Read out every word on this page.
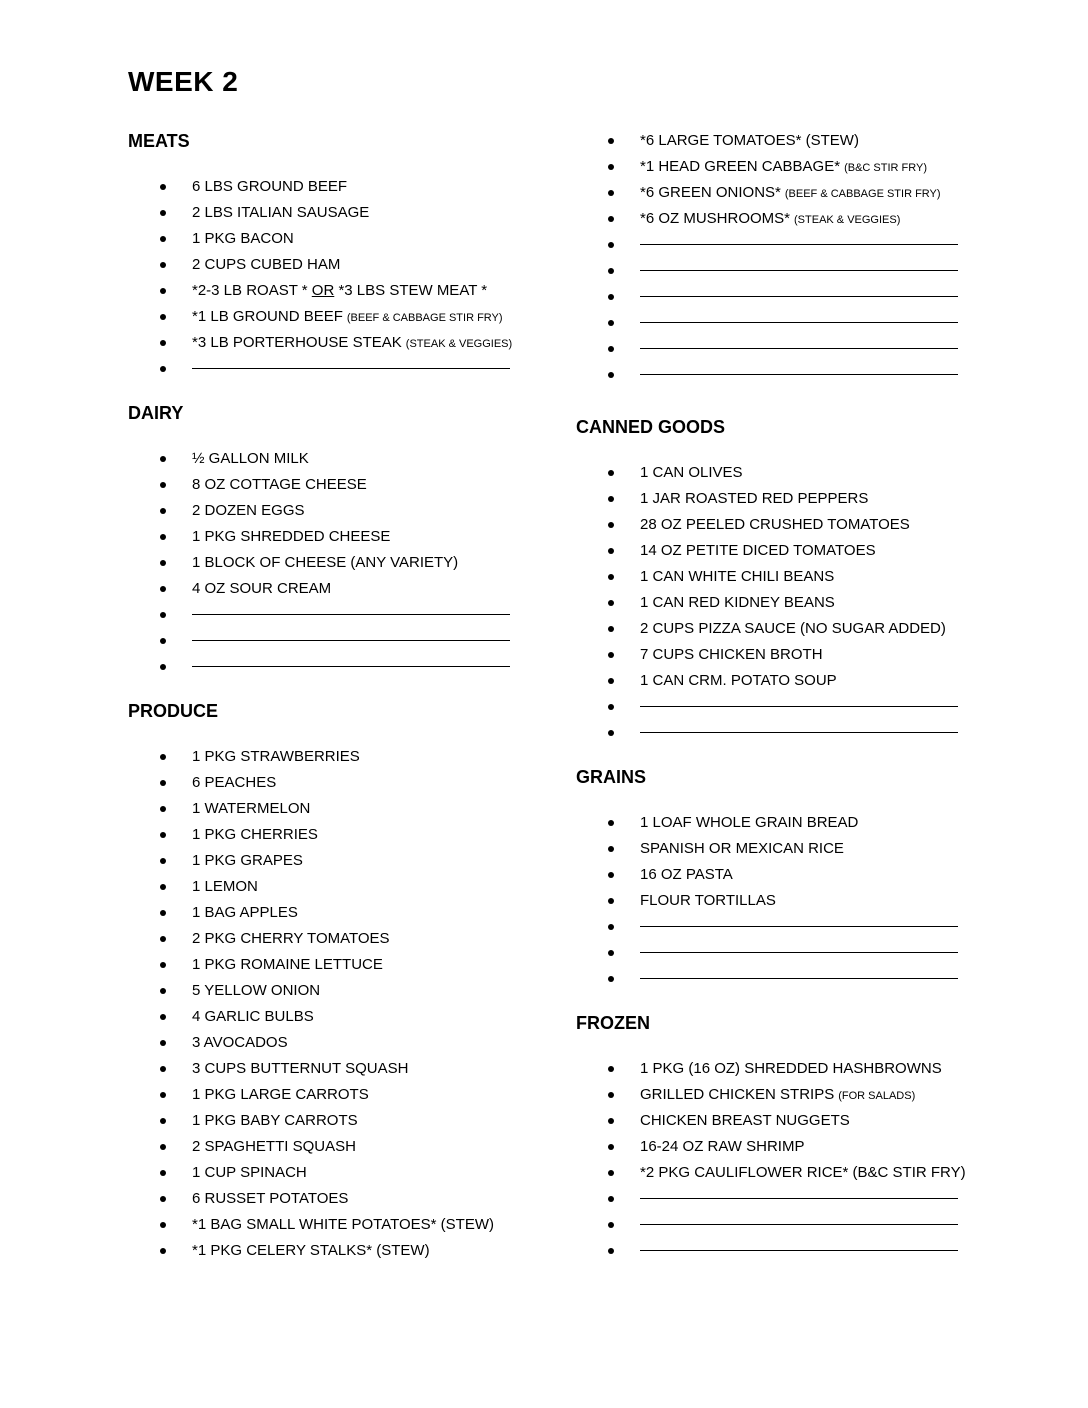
WEEK 2
MEATS
6 LBS GROUND BEEF
2 LBS ITALIAN SAUSAGE
1 PKG BACON
2 CUPS CUBED HAM
*2-3 LB ROAST * OR *3 LBS STEW MEAT *
*1 LB GROUND BEEF (BEEF & CABBAGE STIR FRY)
*3 LB PORTERHOUSE STEAK (STEAK & VEGGIES)
DAIRY
½ GALLON MILK
8 OZ COTTAGE CHEESE
2 DOZEN EGGS
1 PKG SHREDDED CHEESE
1 BLOCK OF CHEESE (ANY VARIETY)
4 OZ SOUR CREAM
PRODUCE
1 PKG STRAWBERRIES
6 PEACHES
1 WATERMELON
1 PKG CHERRIES
1 PKG GRAPES
1 LEMON
1 BAG APPLES
2 PKG CHERRY TOMATOES
1 PKG ROMAINE LETTUCE
5 YELLOW ONION
4 GARLIC BULBS
3 AVOCADOS
3 CUPS BUTTERNUT SQUASH
1 PKG LARGE CARROTS
1 PKG BABY CARROTS
2 SPAGHETTI SQUASH
1 CUP SPINACH
6 RUSSET POTATOES
*1 BAG SMALL WHITE POTATOES* (STEW)
*1 PKG CELERY STALKS* (STEW)
*6 LARGE TOMATOES* (STEW)
*1 HEAD GREEN CABBAGE* (B&C STIR FRY)
*6 GREEN ONIONS* (BEEF & CABBAGE STIR FRY)
*6 OZ MUSHROOMS* (STEAK & VEGGIES)
CANNED GOODS
1 CAN OLIVES
1 JAR ROASTED RED PEPPERS
28 OZ PEELED CRUSHED TOMATOES
14 OZ PETITE DICED TOMATOES
1 CAN WHITE CHILI BEANS
1 CAN RED KIDNEY BEANS
2 CUPS PIZZA SAUCE (NO SUGAR ADDED)
7 CUPS CHICKEN BROTH
1 CAN CRM. POTATO SOUP
GRAINS
1 LOAF WHOLE GRAIN BREAD
SPANISH OR MEXICAN RICE
16 OZ PASTA
FLOUR TORTILLAS
FROZEN
1 PKG (16 OZ) SHREDDED HASHBROWNS
GRILLED CHICKEN STRIPS (FOR SALADS)
CHICKEN BREAST NUGGETS
16-24 OZ RAW SHRIMP
*2 PKG CAULIFLOWER RICE* (B&C STIR FRY)
